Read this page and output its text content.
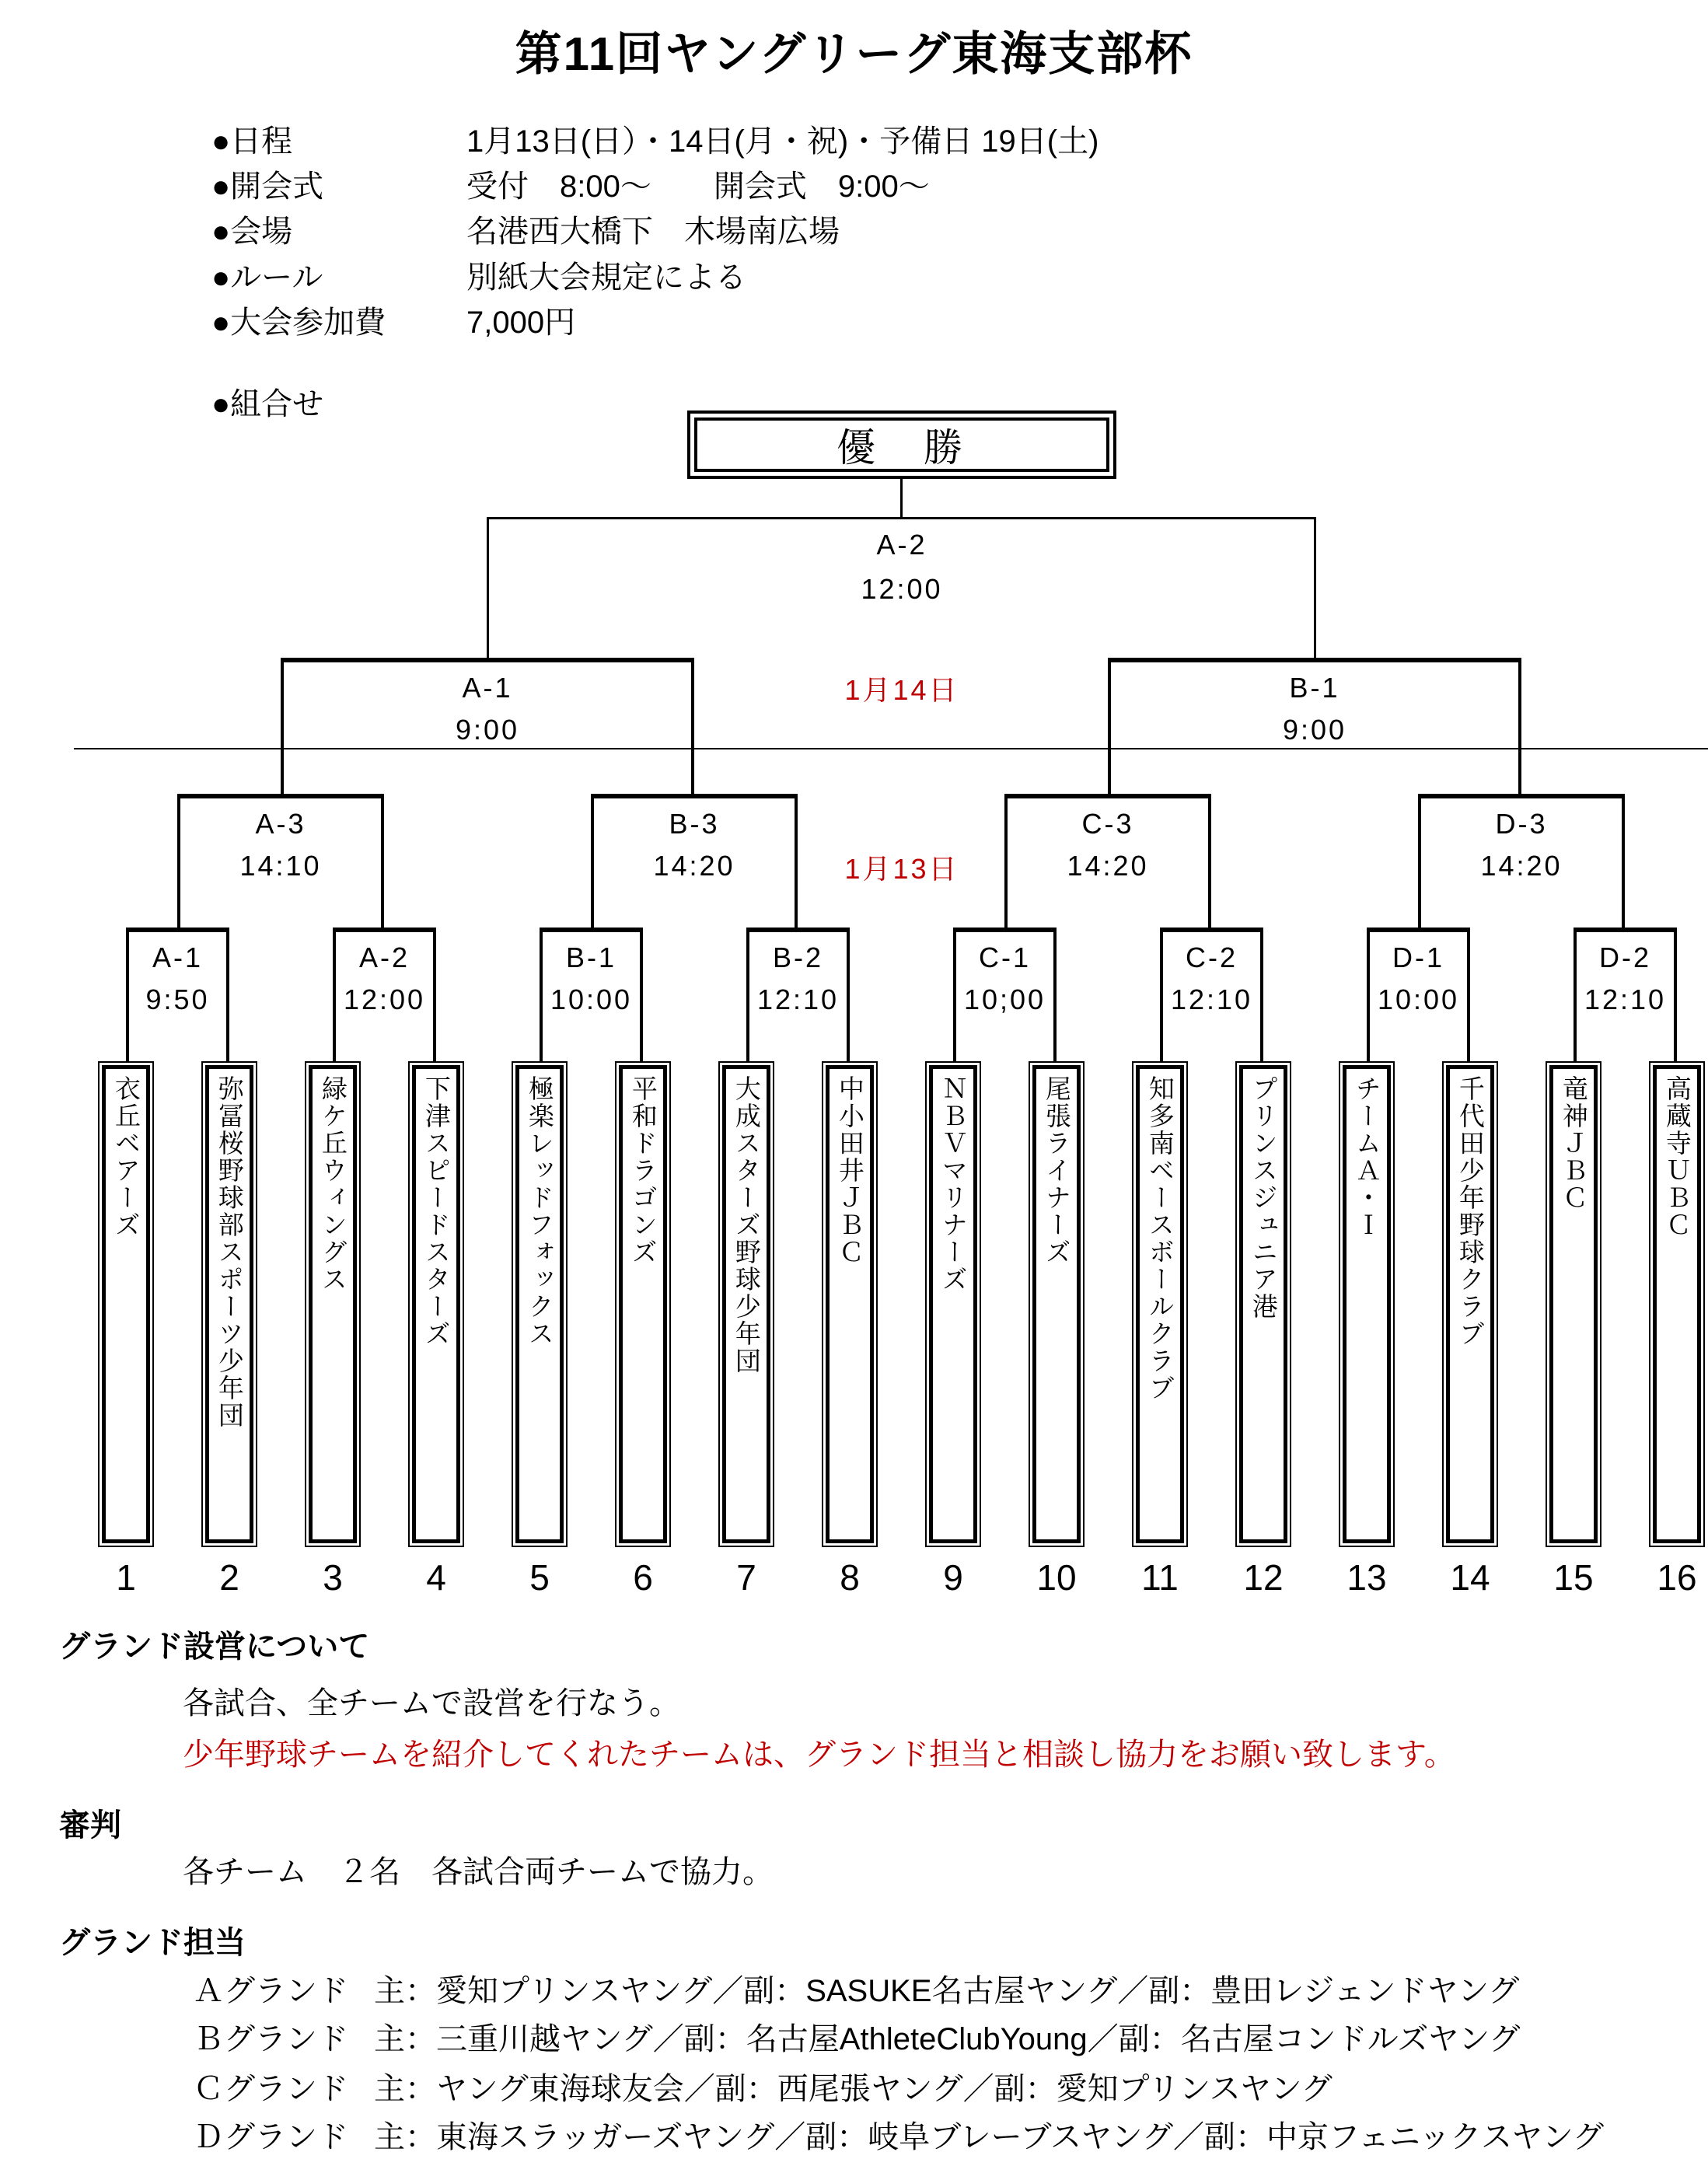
第11回ヤングリーグ東海支部杯
●日程	1月13日(日）・14日(月・祝)・予備日 19日(土)
●開会式	受付　8:00～　　開会式　9:00～
●会場	名港西大橋下　木場南広場
●ルール	別紙大会規定による
●大会参加費	7,000円
●組合せ
優　勝
A-2
12:00
A-1
9:00
B-1
9:00
1月14日
A-3
14:10
B-3
14:20
C-3
14:20
D-3
14:20
1月13日
A-1
9:50
A-2
12:00
B-1
10:00
B-2
12:10
C-1
10;00
C-2
12:10
D-1
10:00
D-2
12:10
衣丘ベアーズ	弥冨桜野球部スポーツ少年団	緑ケ丘ウィングス	下津スピードスターズ	極楽レッドフォックス	平和ドラゴンズ	大成スターズ野球少年団	中小田井ＪＢＣ	ＮＢＶマリナーズ	尾張ライナーズ	知多南ベースボールクラブ	プリンスジュニア港	チームＡ・Ｉ	千代田少年野球クラブ	竜神ＪＢＣ	高蔵寺ＵＢＣ
1	2	3	4	5	6	7	8	9	10 11 12 13 14 15 16
グランド設営について
各試合、全チームで設営を行なう。
少年野球チームを紹介してくれたチームは、グランド担当と相談し協力をお願い致します。
審判
各チーム　２名　各試合両チームで協力。
グランド担当
Ａグランド 主：愛知プリンスヤング／副：SASUKE名古屋ヤング／副：豊田レジェンドヤング
Ｂグランド 主：三重川越ヤング／副：名古屋AthleteClubYoung／副：名古屋コンドルズヤング
Ｃグランド 主：ヤング東海球友会／副：西尾張ヤング／副：愛知プリンスヤング
Ｄグランド 主：東海スラッガーズヤング／副：岐阜ブレーブスヤング／副：中京フェニックスヤング
